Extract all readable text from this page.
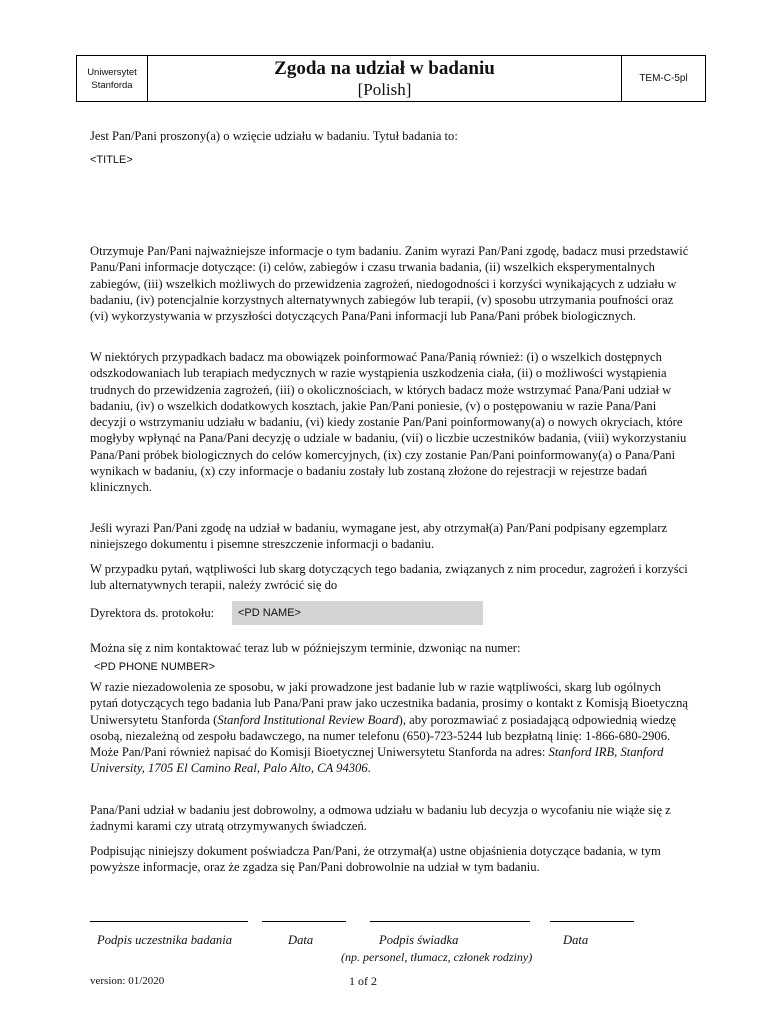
Uniwersytet
Stanforda
Zgoda na udział w badaniu
[Polish]
TEM-C-5pl

Jest Pan/Pani proszony(a) o wzięcie udziału w badaniu. Tytuł badania to:

<TITLE>

Otrzymuje Pan/Pani najważniejsze informacje o tym badaniu. Zanim wyrazi Pan/Pani zgodę, badacz musi przedstawić Panu/Pani informacje dotyczące: (i) celów, zabiegów i czasu trwania badania, (ii) wszelkich eksperymentalnych zabiegów, (iii) wszelkich możliwych do przewidzenia zagrożeń, niedogodności i korzyści wynikających z udziału w badaniu, (iv) potencjalnie korzystnych alternatywnych zabiegów lub terapii, (v) sposobu utrzymania poufności oraz (vi) wykorzystywania w przyszłości dotyczących Pana/Pani informacji lub Pana/Pani próbek biologicznych.

W niektórych przypadkach badacz ma obowiązek poinformować Pana/Panią również: (i) o wszelkich dostępnych odszkodowaniach lub terapiach medycznych w razie wystąpienia uszkodzenia ciała, (ii) o możliwości wystąpienia trudnych do przewidzenia zagrożeń, (iii) o okolicznościach, w których badacz może wstrzymać Pana/Pani udział w badaniu, (iv) o wszelkich dodatkowych kosztach, jakie Pan/Pani poniesie, (v) o postępowaniu w razie Pana/Pani decyzji o wstrzymaniu udziału w badaniu, (vi) kiedy zostanie Pan/Pani poinformowany(a) o nowych okryciach, które mogłyby wpłynąć na Pana/Pani decyzję o udziale w badaniu, (vii) o liczbie uczestników badania, (viii) wykorzystaniu Pana/Pani próbek biologicznych do celów komercyjnych, (ix) czy zostanie Pan/Pani poinformowany(a) o Pana/Pani wynikach w badaniu, (x) czy informacje o badaniu zostały lub zostaną złożone do rejestracji w rejestrze badań klinicznych.

Jeśli wyrazi Pan/Pani zgodę na udział w badaniu, wymagane jest, aby otrzymał(a) Pan/Pani podpisany egzemplarz niniejszego dokumentu i pisemne streszczenie informacji o badaniu.

W przypadku pytań, wątpliwości lub skarg dotyczących tego badania, związanych z nim procedur, zagrożeń i korzyści lub alternatywnych terapii, należy zwrócić się do

Dyrektora ds. protokołu:	<PD NAME>

Można się z nim kontaktować teraz lub w późniejszym terminie, dzwoniąc na numer:

<PD PHONE NUMBER>

W razie niezadowolenia ze sposobu, w jaki prowadzone jest badanie lub w razie wątpliwości, skarg lub ogólnych pytań dotyczących tego badania lub Pana/Pani praw jako uczestnika badania, prosimy o kontakt z Komisją Bioetyczną Uniwersytetu Stanforda (Stanford Institutional Review Board), aby porozmawiać z posiadającą odpowiednią wiedzę osobą, niezależną od zespołu badawczego, na numer telefonu (650)-723-5244 lub bezpłatną linię: 1-866-680-2906. Może Pan/Pani również napisać do Komisji Bioetycznej Uniwersytetu Stanforda na adres: Stanford IRB, Stanford University, 1705 El Camino Real, Palo Alto, CA 94306.

Pana/Pani udział w badaniu jest dobrowolny, a odmowa udziału w badaniu lub decyzja o wycofaniu nie wiąże się z żadnymi karami czy utratą otrzymywanych świadczeń.

Podpisując niniejszy dokument poświadcza Pan/Pani, że otrzymał(a) ustne objaśnienia dotyczące badania, w tym powyższe informacje, oraz że zgadza się Pan/Pani dobrowolnie na udział w tym badaniu.

Podpis uczestnika badania	Data	Podpis świadka	Data
(np. personel, tłumacz, członek rodziny)
version: 01/2020	1 of 2
